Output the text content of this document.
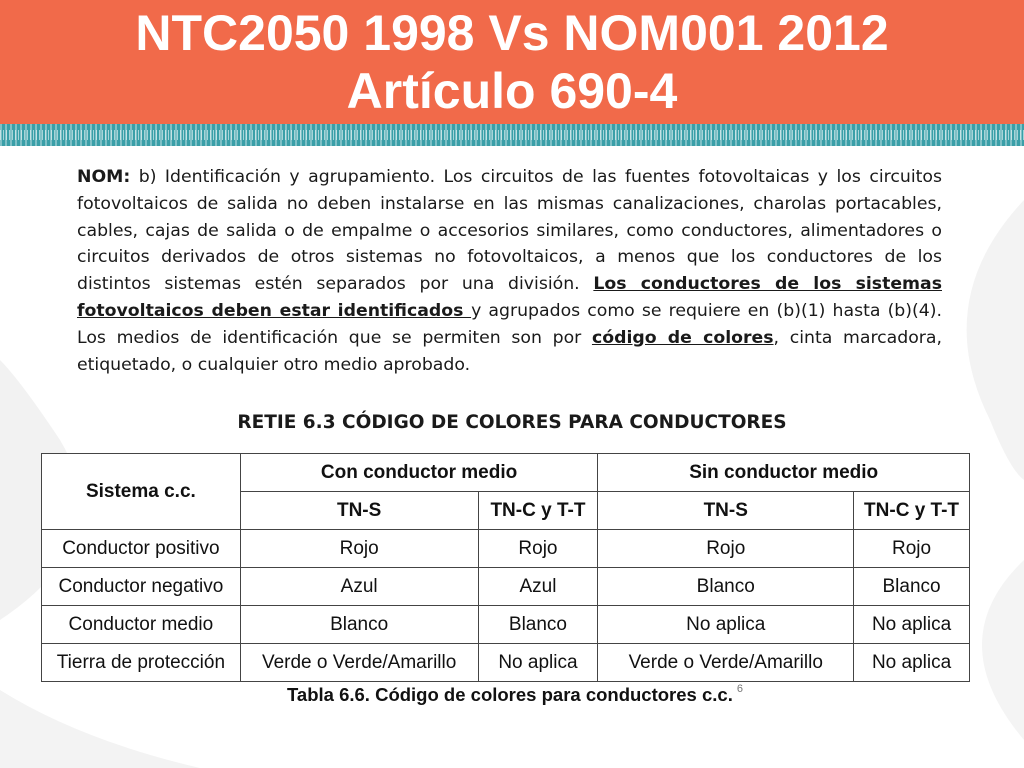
NTC2050 1998 Vs NOM001 2012
Artículo 690-4
NOM: b) Identificación y agrupamiento. Los circuitos de las fuentes fotovoltaicas y los circuitos fotovoltaicos de salida no deben instalarse en las mismas canalizaciones, charolas portacables, cables, cajas de salida o de empalme o accesorios similares, como conductores, alimentadores o circuitos derivados de otros sistemas no fotovoltaicos, a menos que los conductores de los distintos sistemas estén separados por una división. Los conductores de los sistemas fotovoltaicos deben estar identificados y agrupados como se requiere en (b)(1) hasta (b)(4). Los medios de identificación que se permiten son por código de colores, cinta marcadora, etiquetado, o cualquier otro medio aprobado.
RETIE 6.3 CÓDIGO DE COLORES PARA CONDUCTORES
Sistema c.c.	Con conductor medio		Sin conductor medio	
	TN-S	TN-C y T-T	TN-S	TN-C y T-T
Conductor positivo	Rojo	Rojo	Rojo	Rojo
Conductor negativo	Azul	Azul	Blanco	Blanco
Conductor medio	Blanco	Blanco	No aplica	No aplica
Tierra de protección	Verde o Verde/Amarillo	No aplica	Verde o Verde/Amarillo	No aplica
Tabla 6.6. Código de colores para conductores c.c. $^6$
